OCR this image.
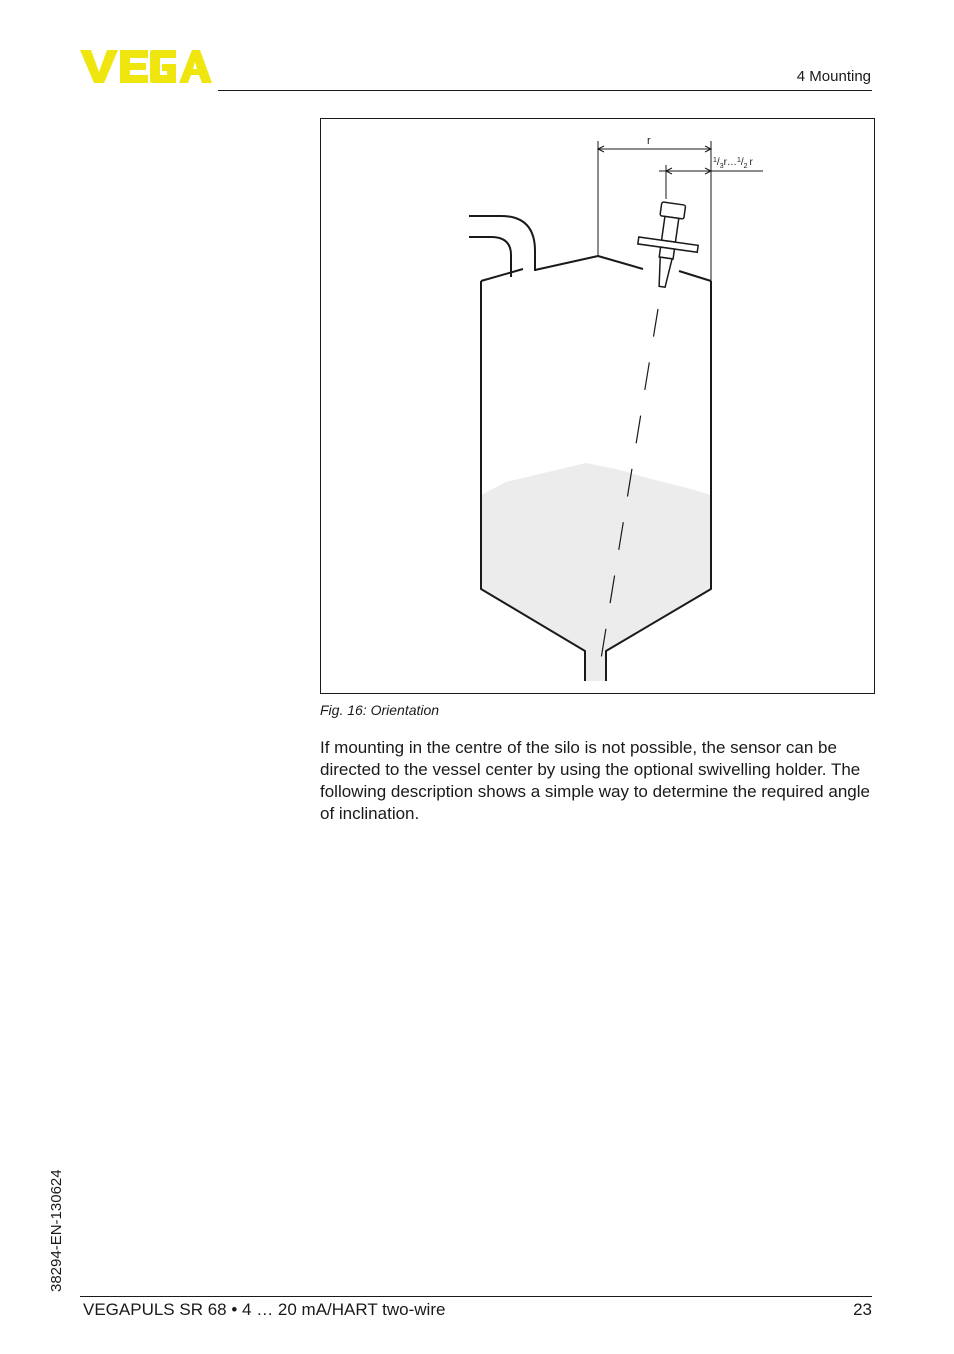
4 Mounting
r
$^1/_3r\dots^1/_2$ r
Fig. 16: Orientation

If mounting in the centre of the silo is not possible, the sensor can be directed to the vessel center by using the optional swivelling holder. The following description shows a simple way to determine the required angle of inclination.

38294-EN-130624
VEGAPULS SR 68 • 4 … 20 mA/HART two-wire	23
